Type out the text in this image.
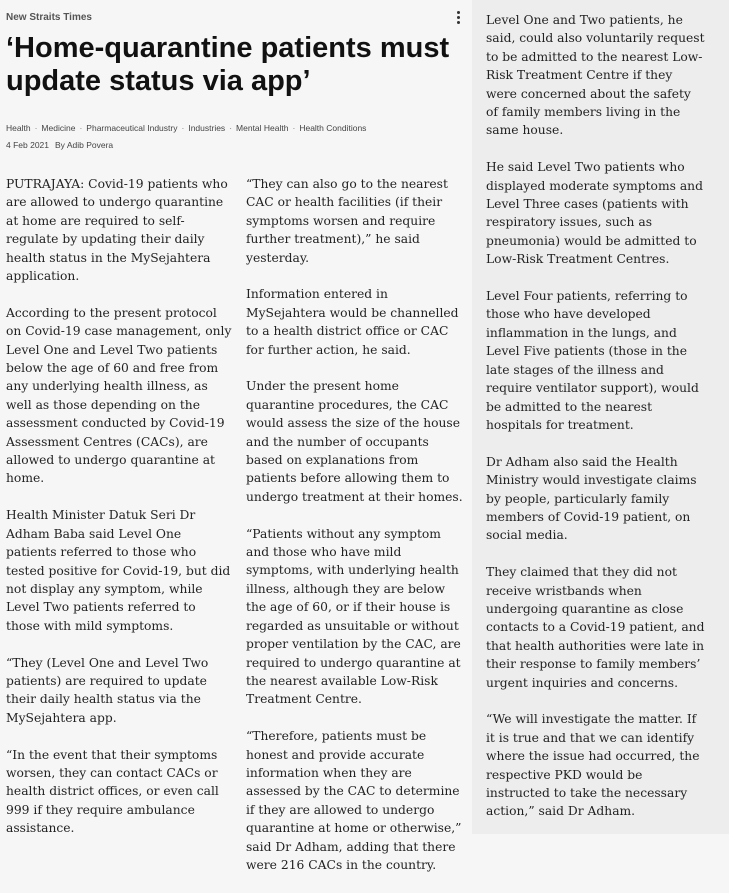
New Straits Times
‘Home-quarantine patients must update status via app’
Health · Medicine · Pharmaceutical Industry · Industries · Mental Health · Health Conditions
4 Feb 2021 By Adib Povera

PUTRAJAYA: Covid-19 patients who are allowed to undergo quarantine at home are required to self-regulate by updating their daily health status in the MySejahtera application.

According to the present protocol on Covid-19 case management, only Level One and Level Two patients below the age of 60 and free from any underlying health illness, as well as those depending on the assessment conducted by Covid-19 Assessment Centres (CACs), are allowed to undergo quarantine at home.

Health Minister Datuk Seri Dr Adham Baba said Level One patients referred to those who tested positive for Covid-19, but did not display any symptom, while Level Two patients referred to those with mild symptoms.

“They (Level One and Level Two patients) are required to update their daily health status via the MySejahtera app.

“In the event that their symptoms worsen, they can contact CACs or health district offices, or even call 999 if they require ambulance assistance.

“They can also go to the nearest CAC or health facilities (if their symptoms worsen and require further treatment),” he said yesterday.

Information entered in MySejahtera would be channelled to a health district office or CAC for further action, he said.

Under the present home quarantine procedures, the CAC would assess the size of the house and the number of occupants based on explanations from patients before allowing them to undergo treatment at their homes.

“Patients without any symptom and those who have mild symptoms, with underlying health illness, although they are below the age of 60, or if their house is regarded as unsuitable or without proper ventilation by the CAC, are required to undergo quarantine at the nearest available Low-Risk Treatment Centre.

“Therefore, patients must be honest and provide accurate information when they are assessed by the CAC to determine if they are allowed to undergo quarantine at home or otherwise,” said Dr Adham, adding that there were 216 CACs in the country.

Level One and Two patients, he said, could also voluntarily request to be admitted to the nearest Low-Risk Treatment Centre if they were concerned about the safety of family members living in the same house.

He said Level Two patients who displayed moderate symptoms and Level Three cases (patients with respiratory issues, such as pneumonia) would be admitted to Low-Risk Treatment Centres.

Level Four patients, referring to those who have developed inflammation in the lungs, and Level Five patients (those in the late stages of the illness and require ventilator support), would be admitted to the nearest hospitals for treatment.

Dr Adham also said the Health Ministry would investigate claims by people, particularly family members of Covid-19 patient, on social media.

They claimed that they did not receive wristbands when undergoing quarantine as close contacts to a Covid-19 patient, and that health authorities were late in their response to family members’ urgent inquiries and concerns.

“We will investigate the matter. If it is true and that we can identify where the issue had occurred, the respective PKD would be instructed to take the necessary action,” said Dr Adham.
